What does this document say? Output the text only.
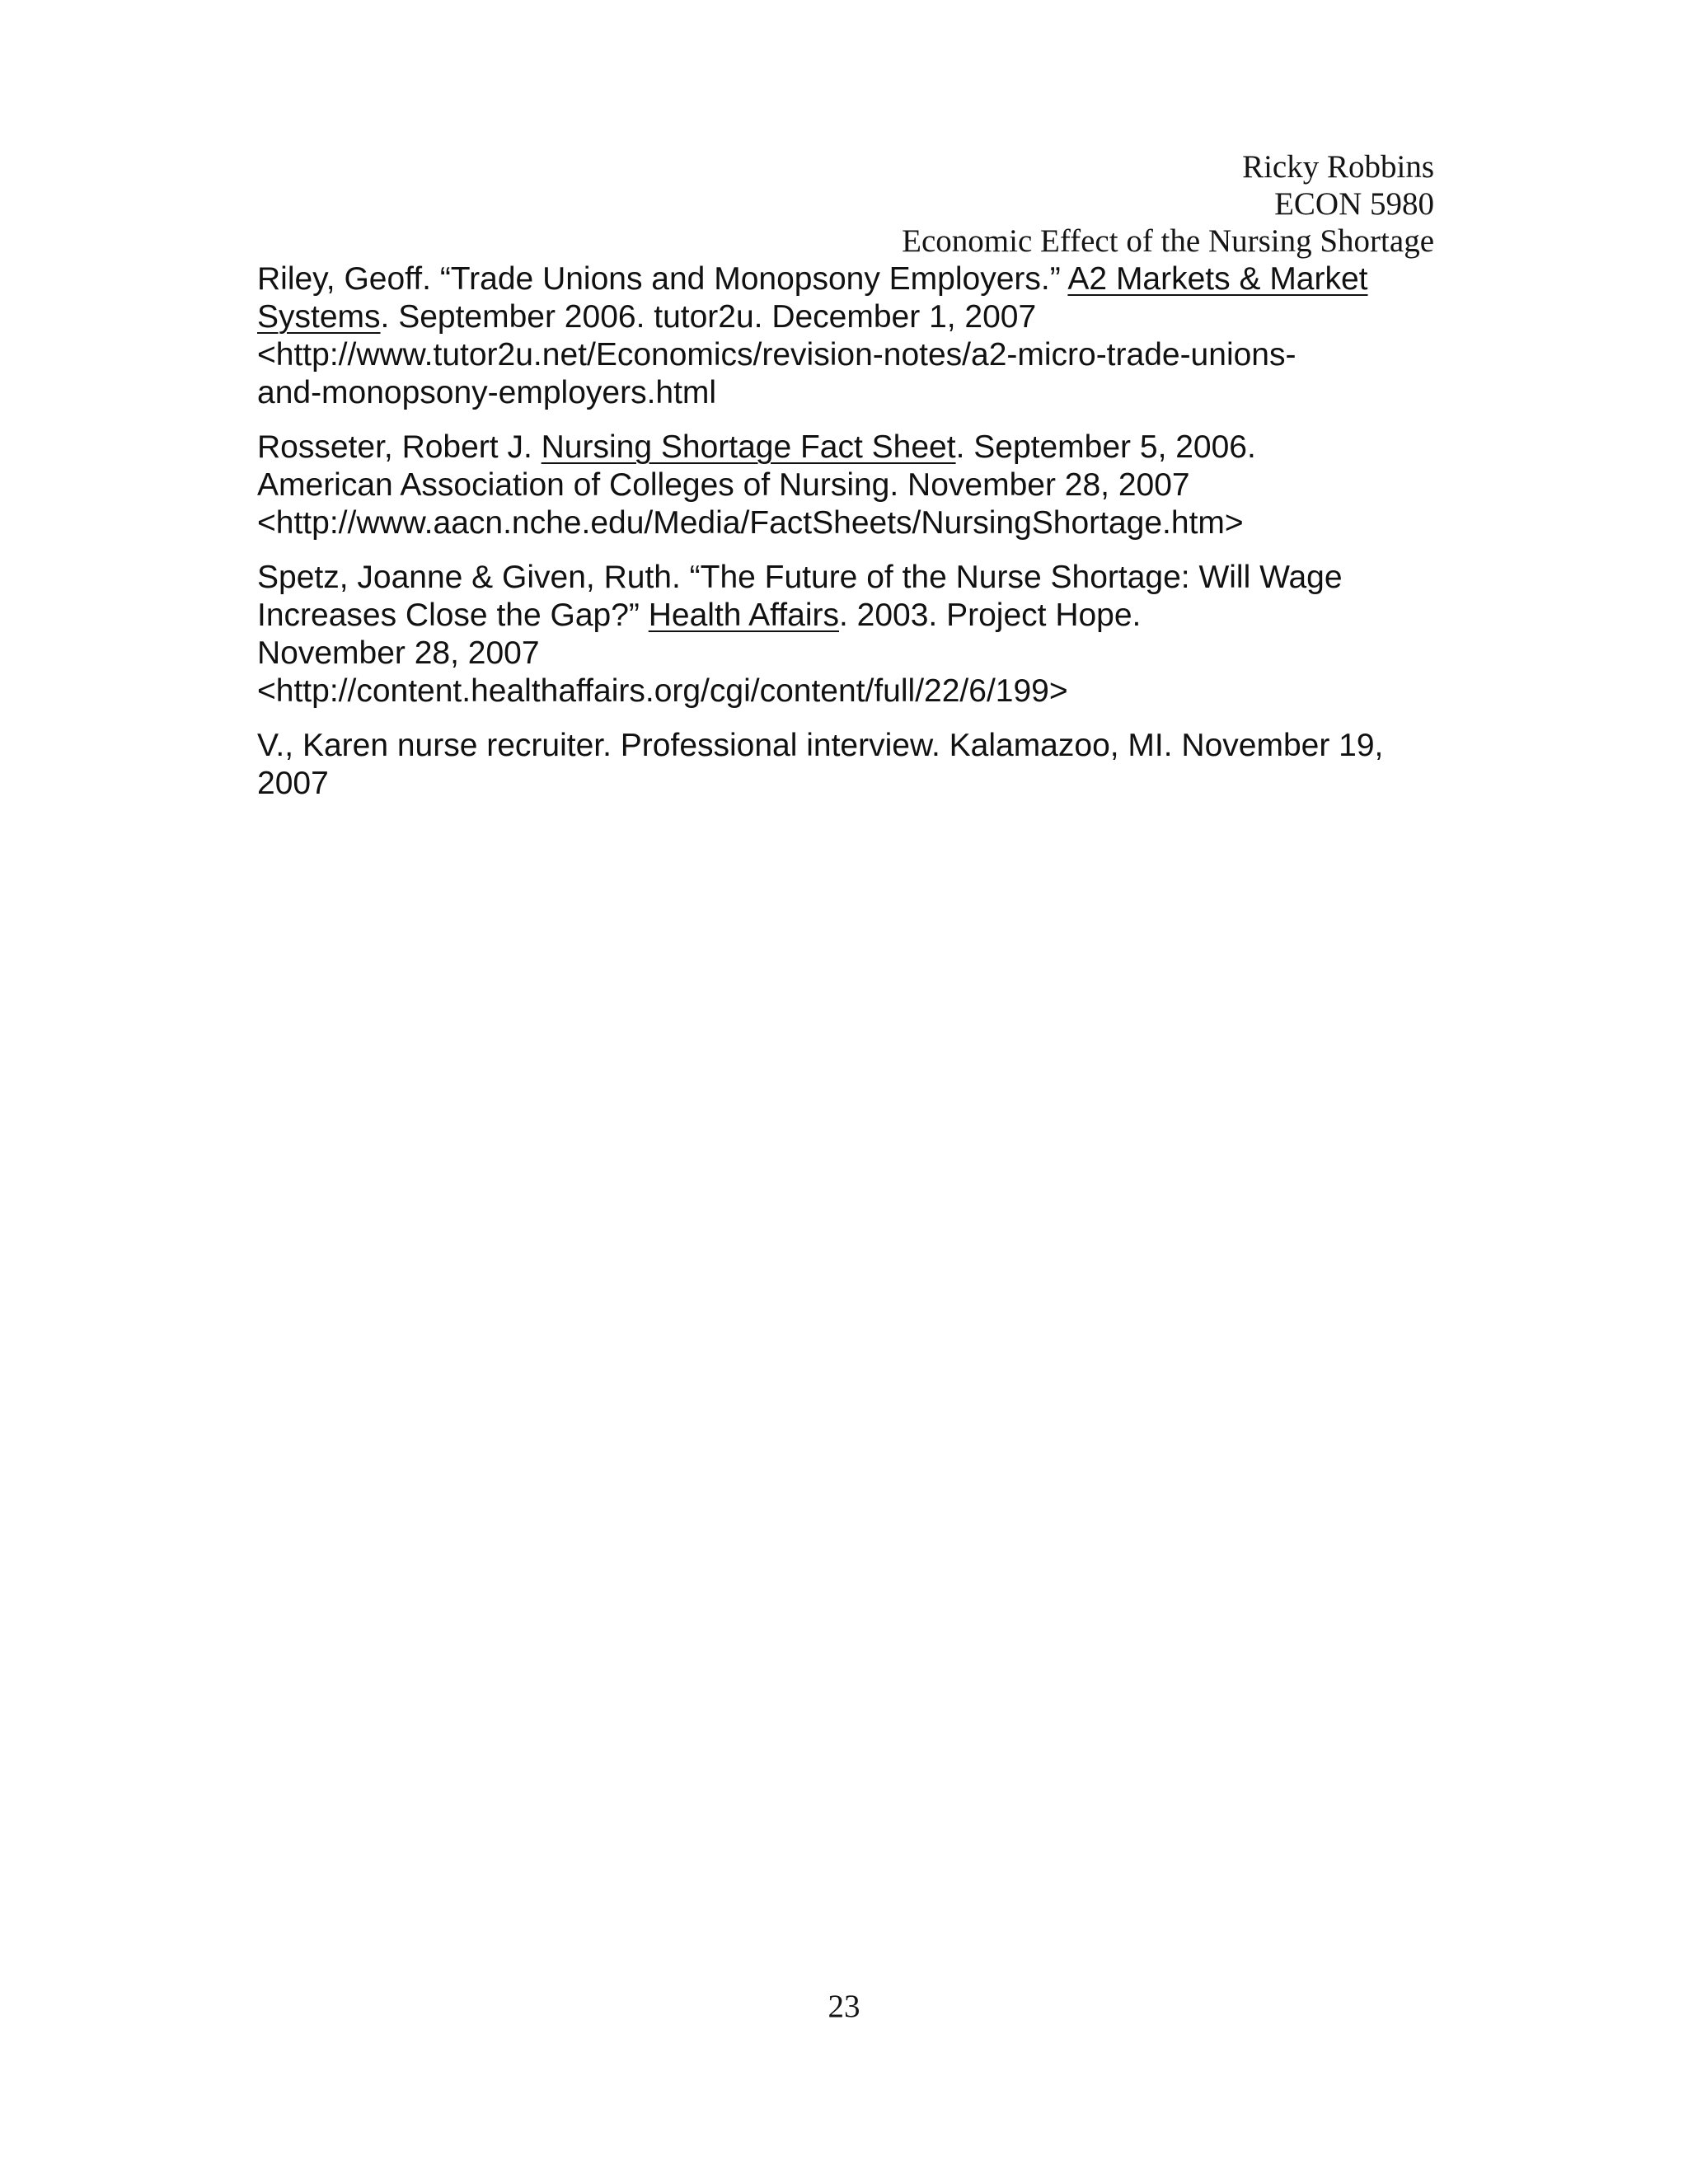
Ricky Robbins
ECON 5980
Economic Effect of the Nursing Shortage
Riley, Geoff. “Trade Unions and Monopsony Employers.” A2 Markets & Market
Systems. September 2006. tutor2u. December 1, 2007
<http://www.tutor2u.net/Economics/revision-notes/a2-micro-trade-unions-
and-monopsony-employers.html
Rosseter, Robert J. Nursing Shortage Fact Sheet. September 5, 2006.
American Association of Colleges of Nursing. November 28, 2007
<http://www.aacn.nche.edu/Media/FactSheets/NursingShortage.htm>
Spetz, Joanne & Given, Ruth. “The Future of the Nurse Shortage: Will Wage
Increases Close the Gap?” Health Affairs. 2003. Project Hope.
November 28, 2007
<http://content.healthaffairs.org/cgi/content/full/22/6/199>
V., Karen nurse recruiter. Professional interview. Kalamazoo, MI. November 19,
2007
23
